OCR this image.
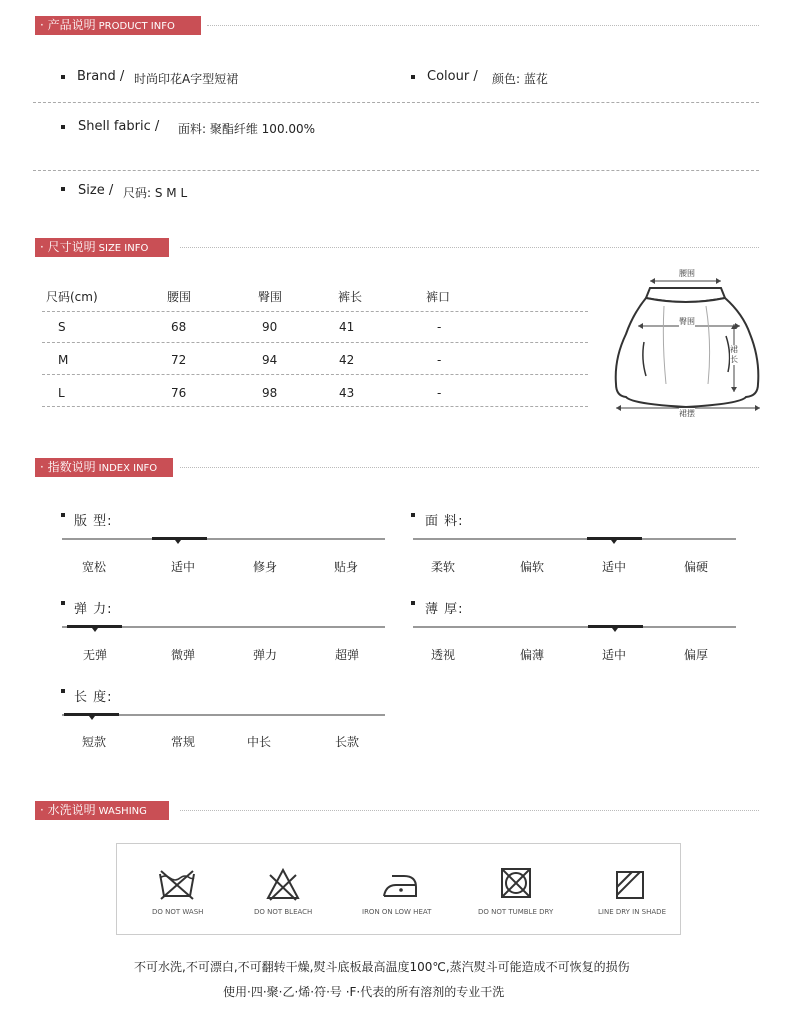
· 产品说明 PRODUCT INFO
Brand / 时尚印花A字型短裙	Colour / 颜色: 蓝花
Shell fabric / 面料: 聚酯纤维 100.00%
Size / 尺码: S M L
· 尺寸说明 SIZE INFO
尺码(cm)	腰围	臀围	裤长	裤口
S	68	90	41	-
M	72	94	42	-
L	76	98	43	-
腰围
臀围
裙长
裙摆
· 指数说明 INDEX INFO
版 型:
宽松	适中	修身	贴身
面 料:
柔软	偏软	适中	偏硬
弹 力:
无弹	微弹	弹力	超弹
薄 厚:
透视	偏薄	适中	偏厚
长 度:
短款	常规	中长	长款
· 水洗说明 WASHING
DO NOT WASH	DO NOT BLEACH	IRON ON LOW HEAT	DO NOT TUMBLE DRY	LINE DRY IN SHADE
不可水洗,不可漂白,不可翻转干燥,熨斗底板最高温度100℃,蒸汽熨斗可能造成不可恢复的损伤
使用·四·聚·乙·烯·符·号 ·F·代表的所有溶剂的专业干洗
